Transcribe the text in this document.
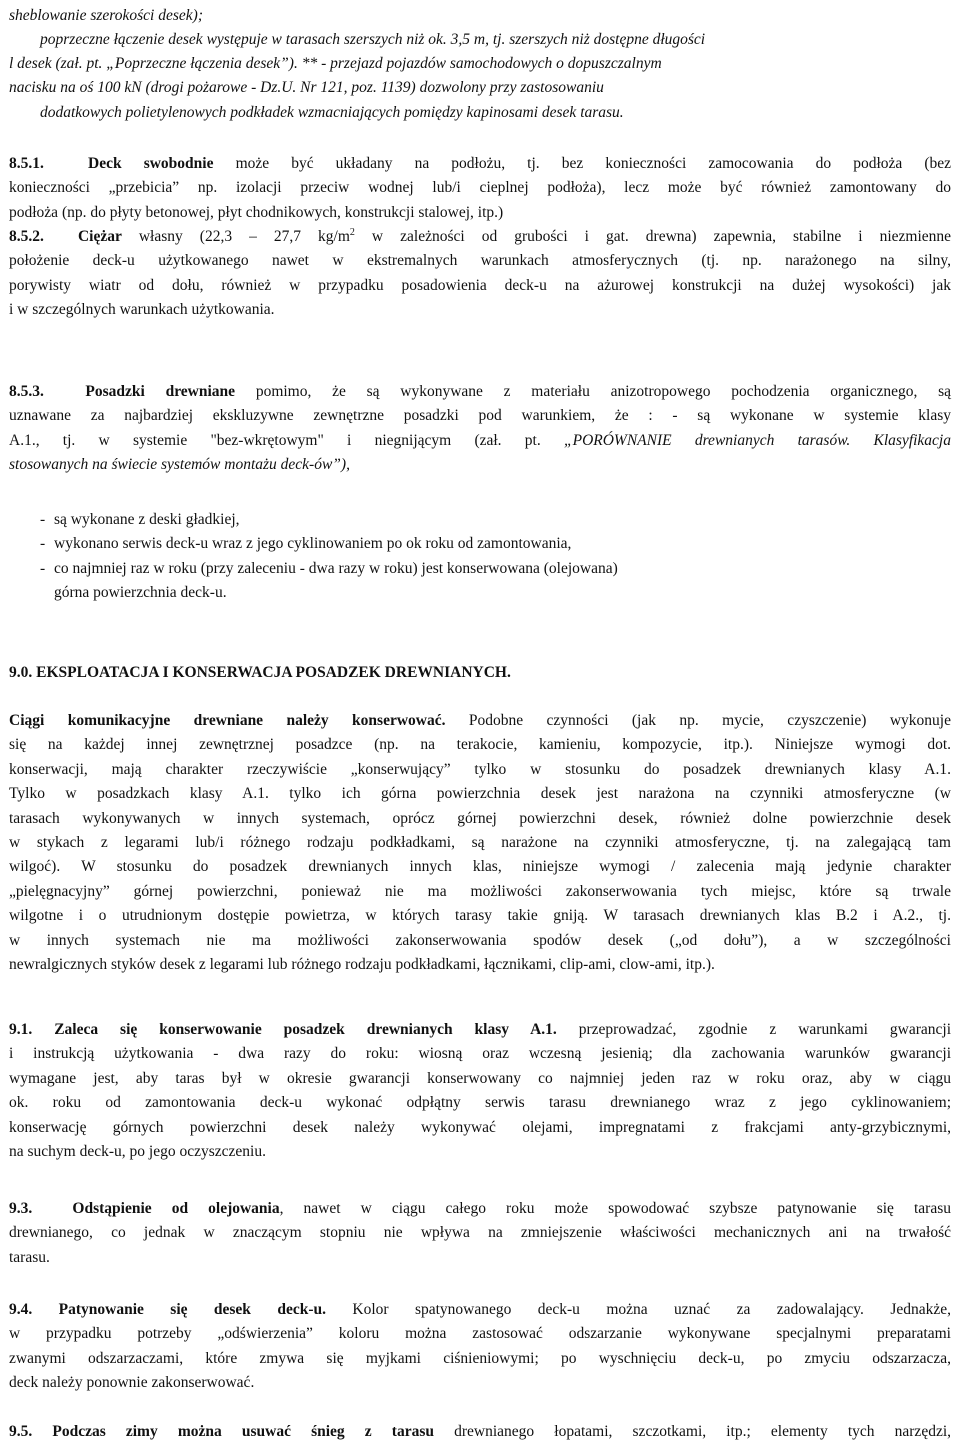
sheblowanie szerokości desek);
poprzeczne łączenie desek występuje w tarasach szerszych niż ok. 3,5 m, tj. szerszych niż dostępne długości
l desek (zał. pt. „Poprzeczne łączenia desek”). ** - przejazd pojazdów samochodowych o dopuszczalnym
nacisku na oś 100 kN (drogi pożarowe - Dz.U. Nr 121, poz. 1139) dozwolony przy zastosowaniu
dodatkowych polietylenowych podkładek wzmacniających pomiędzy kapinosami desek tarasu.
8.5.1.	Deck swobodnie może być układany na podłożu, tj. bez konieczności zamocowania do podłoża (bez
konieczności „przebicia” np. izolacji przeciw wodnej lub/i cieplnej podłoża), lecz może być również zamontowany do
podłoża (np. do płyty betonowej, płyt chodnikowych, konstrukcji stalowej, itp.)
8.5.2. Ciężar własny (22,3 – 27,7 $kg/m^2$ w zależności od grubości i gat. drewna) zapewnia, stabilne i niezmienne
położenie deck-u użytkowanego nawet w ekstremalnych warunkach atmosferycznych (tj. np. narażonego na silny,
porywisty wiatr od dołu, również w przypadku posadowienia deck-u na ażurowej konstrukcji na dużej wysokości) jak
i w szczególnych warunkach użytkowania.
8.5.3.	Posadzki drewniane pomimo, że są wykonywane z materiału anizotropowego pochodzenia organicznego, są
uznawane za najbardziej ekskluzywne zewnętrzne posadzki pod warunkiem, że : - są wykonane w systemie klasy
A.1., tj. w systemie "bez-wkrętowym" i niegnijącym (zał. pt. „PORÓWNANIE drewnianych tarasów. Klasyfikacja
stosowanych na świecie systemów montażu deck-ów”),
- są wykonane z deski gładkiej,
- wykonano serwis deck-u wraz z jego cyklinowaniem po ok roku od zamontowania,
- co najmniej raz w roku (przy zaleceniu - dwa razy w roku) jest konserwowana (olejowana)
górna powierzchnia deck-u.
9.0. EKSPLOATACJA I KONSERWACJA POSADZEK DREWNIANYCH.
Ciągi komunikacyjne drewniane należy konserwować. Podobne czynności (jak np. mycie, czyszczenie) wykonuje
się na każdej innej zewnętrznej posadzce (np. na terakocie, kamieniu, kompozycie, itp.). Niniejsze wymogi dot.
konserwacji, mają charakter rzeczywiście „konserwujący” tylko w stosunku do posadzek drewnianych klasy A.1.
Tylko w posadzkach klasy A.1. tylko ich górna powierzchnia desek jest narażona na czynniki atmosferyczne (w
tarasach wykonywanych w innych systemach, oprócz górnej powierzchni desek, również dolne powierzchnie desek
w stykach z legarami lub/i różnego rodzaju podkładkami, są narażone na czynniki atmosferyczne, tj. na zalegającą tam
wilgoć). W stosunku do posadzek drewnianych innych klas, niniejsze wymogi / zalecenia mają jedynie charakter
„pielęgnacyjny” górnej powierzchni, ponieważ nie ma możliwości zakonserwowania tych miejsc, które są trwale
wilgotne i o utrudnionym dostępie powietrza, w których tarasy takie gniją. W tarasach drewnianych klas B.2 i A.2., tj.
w innych systemach nie ma możliwości zakonserwowania spodów desek („od dołu”), a w szczególności
newralgicznych styków desek z legarami lub różnego rodzaju podkładkami, łącznikami, clip-ami, clow-ami, itp.).
9.1. Zaleca się konserwowanie posadzek drewnianych klasy A.1. przeprowadzać, zgodnie z warunkami gwarancji
i instrukcją użytkowania - dwa razy do roku: wiosną oraz wczesną jesienią; dla zachowania warunków gwarancji
wymagane jest, aby taras był w okresie gwarancji konserwowany co najmniej jeden raz w roku oraz, aby w ciągu
ok. roku od zamontowania deck-u wykonać odpłątny serwis tarasu drewnianego wraz z jego cyklinowaniem;
konserwację górnych powierzchni desek należy wykonywać olejami, impregnatami z frakcjami anty-grzybicznymi,
na suchym deck-u, po jego oczyszczeniu.
9.3.	Odstąpienie od olejowania, nawet w ciągu całego roku może spowodować szybsze patynowanie się tarasu
drewnianego, co jednak w znaczącym stopniu nie wpływa na zmniejszenie właściwości mechanicznych ani na trwałość
tarasu.
9.4. Patynowanie się desek deck-u. Kolor spatynowanego deck-u można uznać za zadowalający. Jednakże,
w przypadku potrzeby „odświerzenia” koloru można zastosować odszarzanie wykonywane specjalnymi preparatami
zwanymi odszarzaczami, które zmywa się myjkami ciśnieniowymi; po wyschnięciu deck-u, po zmyciu odszarzacza,
deck należy ponownie zakonserwować.
9.5. Podczas zimy można usuwać śnieg z tarasu drewnianego łopatami, szczotkami, itp.; elementy tych narzędzi,
